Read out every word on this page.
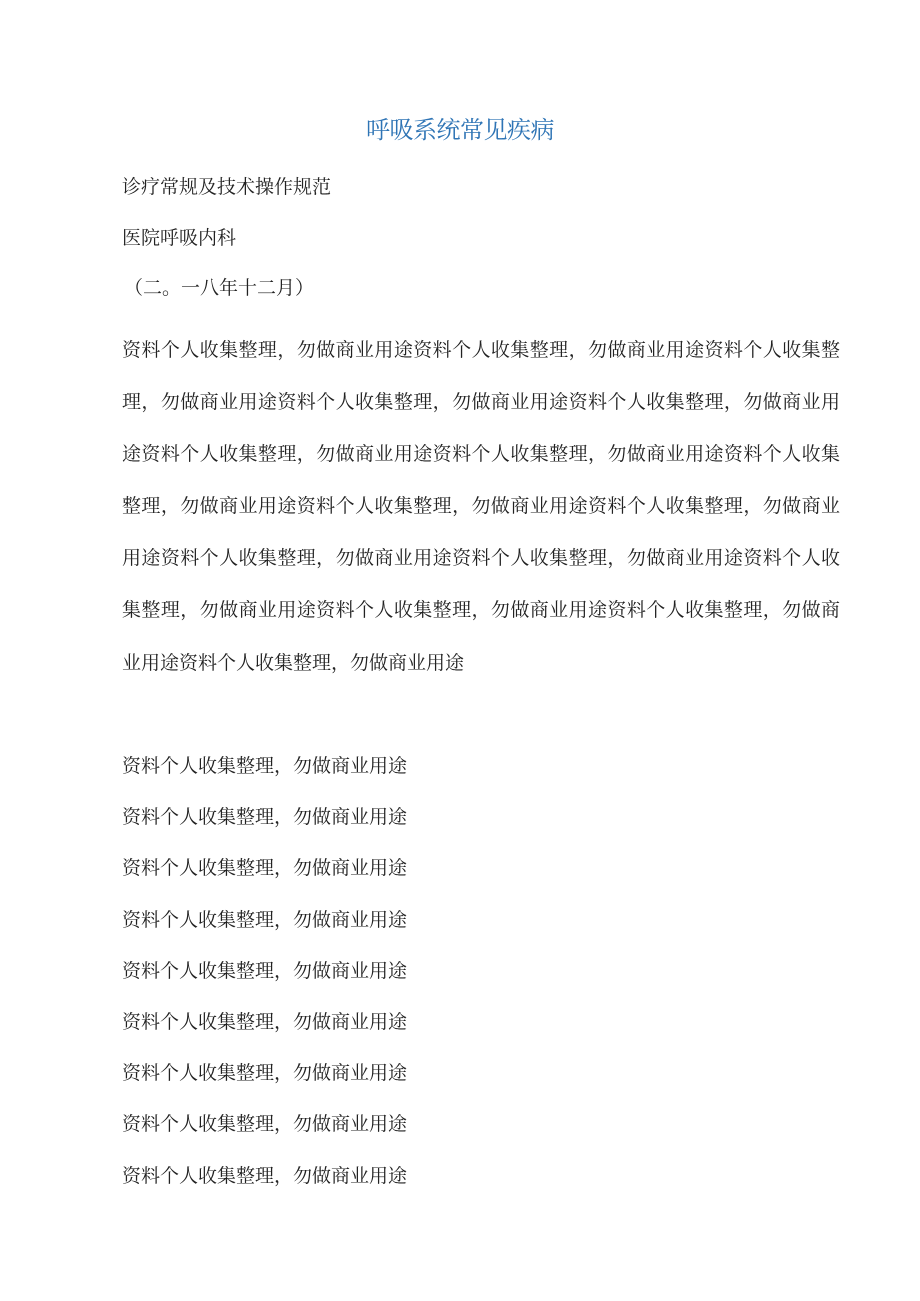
呼吸系统常见疾病

诊疗常规及技术操作规范

医院呼吸内科

（二。一八年十二月）

资料个人收集整理，勿做商业用途资料个人收集整理，勿做商业用途资料个人收集整理，勿做商业用途资料个人收集整理，勿做商业用途资料个人收集整理，勿做商业用途资料个人收集整理，勿做商业用途资料个人收集整理，勿做商业用途资料个人收集整理，勿做商业用途资料个人收集整理，勿做商业用途资料个人收集整理，勿做商业用途资料个人收集整理，勿做商业用途资料个人收集整理，勿做商业用途资料个人收集整理，勿做商业用途资料个人收集整理，勿做商业用途资料个人收集整理，勿做商业用途资料个人收集整理，勿做商业用途

资料个人收集整理，勿做商业用途
资料个人收集整理，勿做商业用途
资料个人收集整理，勿做商业用途
资料个人收集整理，勿做商业用途
资料个人收集整理，勿做商业用途
资料个人收集整理，勿做商业用途
资料个人收集整理，勿做商业用途
资料个人收集整理，勿做商业用途
资料个人收集整理，勿做商业用途
